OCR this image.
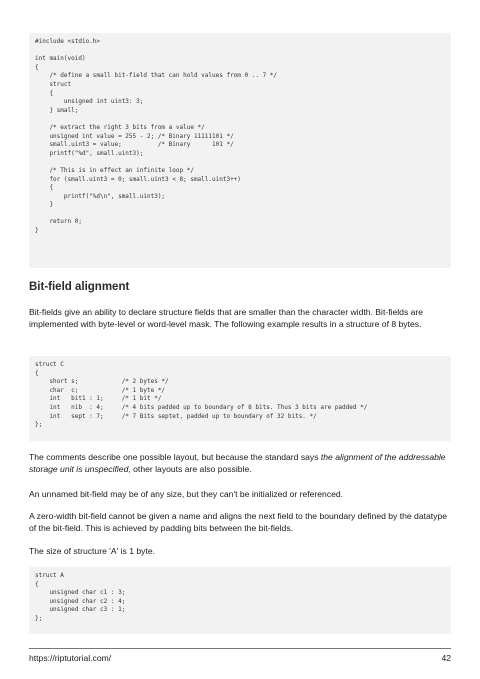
#include <stdio.h>
int main(void)
{
/* define a small bit-field that can hold values from 0 .. 7 */
struct
{
unsigned int uint3: 3;
} small;
/* extract the right 3 bits from a value */
unsigned int value = 255 - 2; /* Binary 11111101 */
small.uint3 = value;          /* Binary      101 */
printf("%d", small.uint3);
/* This is in effect an infinite loop */
for (small.uint3 = 0; small.uint3 < 8; small.uint3++)
{
printf("%d\n", small.uint3);
}
return 0;
}
Bit-field alignment

Bit-fields give an ability to declare structure fields that are smaller than the character width. Bit-fields are implemented with byte-level or word-level mask. The following example results in a structure of 8 bytes.

struct C
{
short s;            /* 2 bytes */
char  c;            /* 1 byte */
int   bit1 : 1;     /* 1 bit */
int   nib  : 4;     /* 4 bits padded up to boundary of 8 bits. Thus 3 bits are padded */
int   sept : 7;     /* 7 Bits septet, padded up to boundary of 32 bits. */
};

The comments describe one possible layout, but because the standard says the alignment of the addressable storage unit is unspecified, other layouts are also possible.

An unnamed bit-field may be of any size, but they can't be initialized or referenced.

A zero-width bit-field cannot be given a name and aligns the next field to the boundary defined by the datatype of the bit-field. This is achieved by padding bits between the bit-fields.

The size of structure 'A' is 1 byte.

struct A
{
unsigned char c1 : 3;
unsigned char c2 : 4;
unsigned char c3 : 1;
};
https://riptutorial.com/	42
